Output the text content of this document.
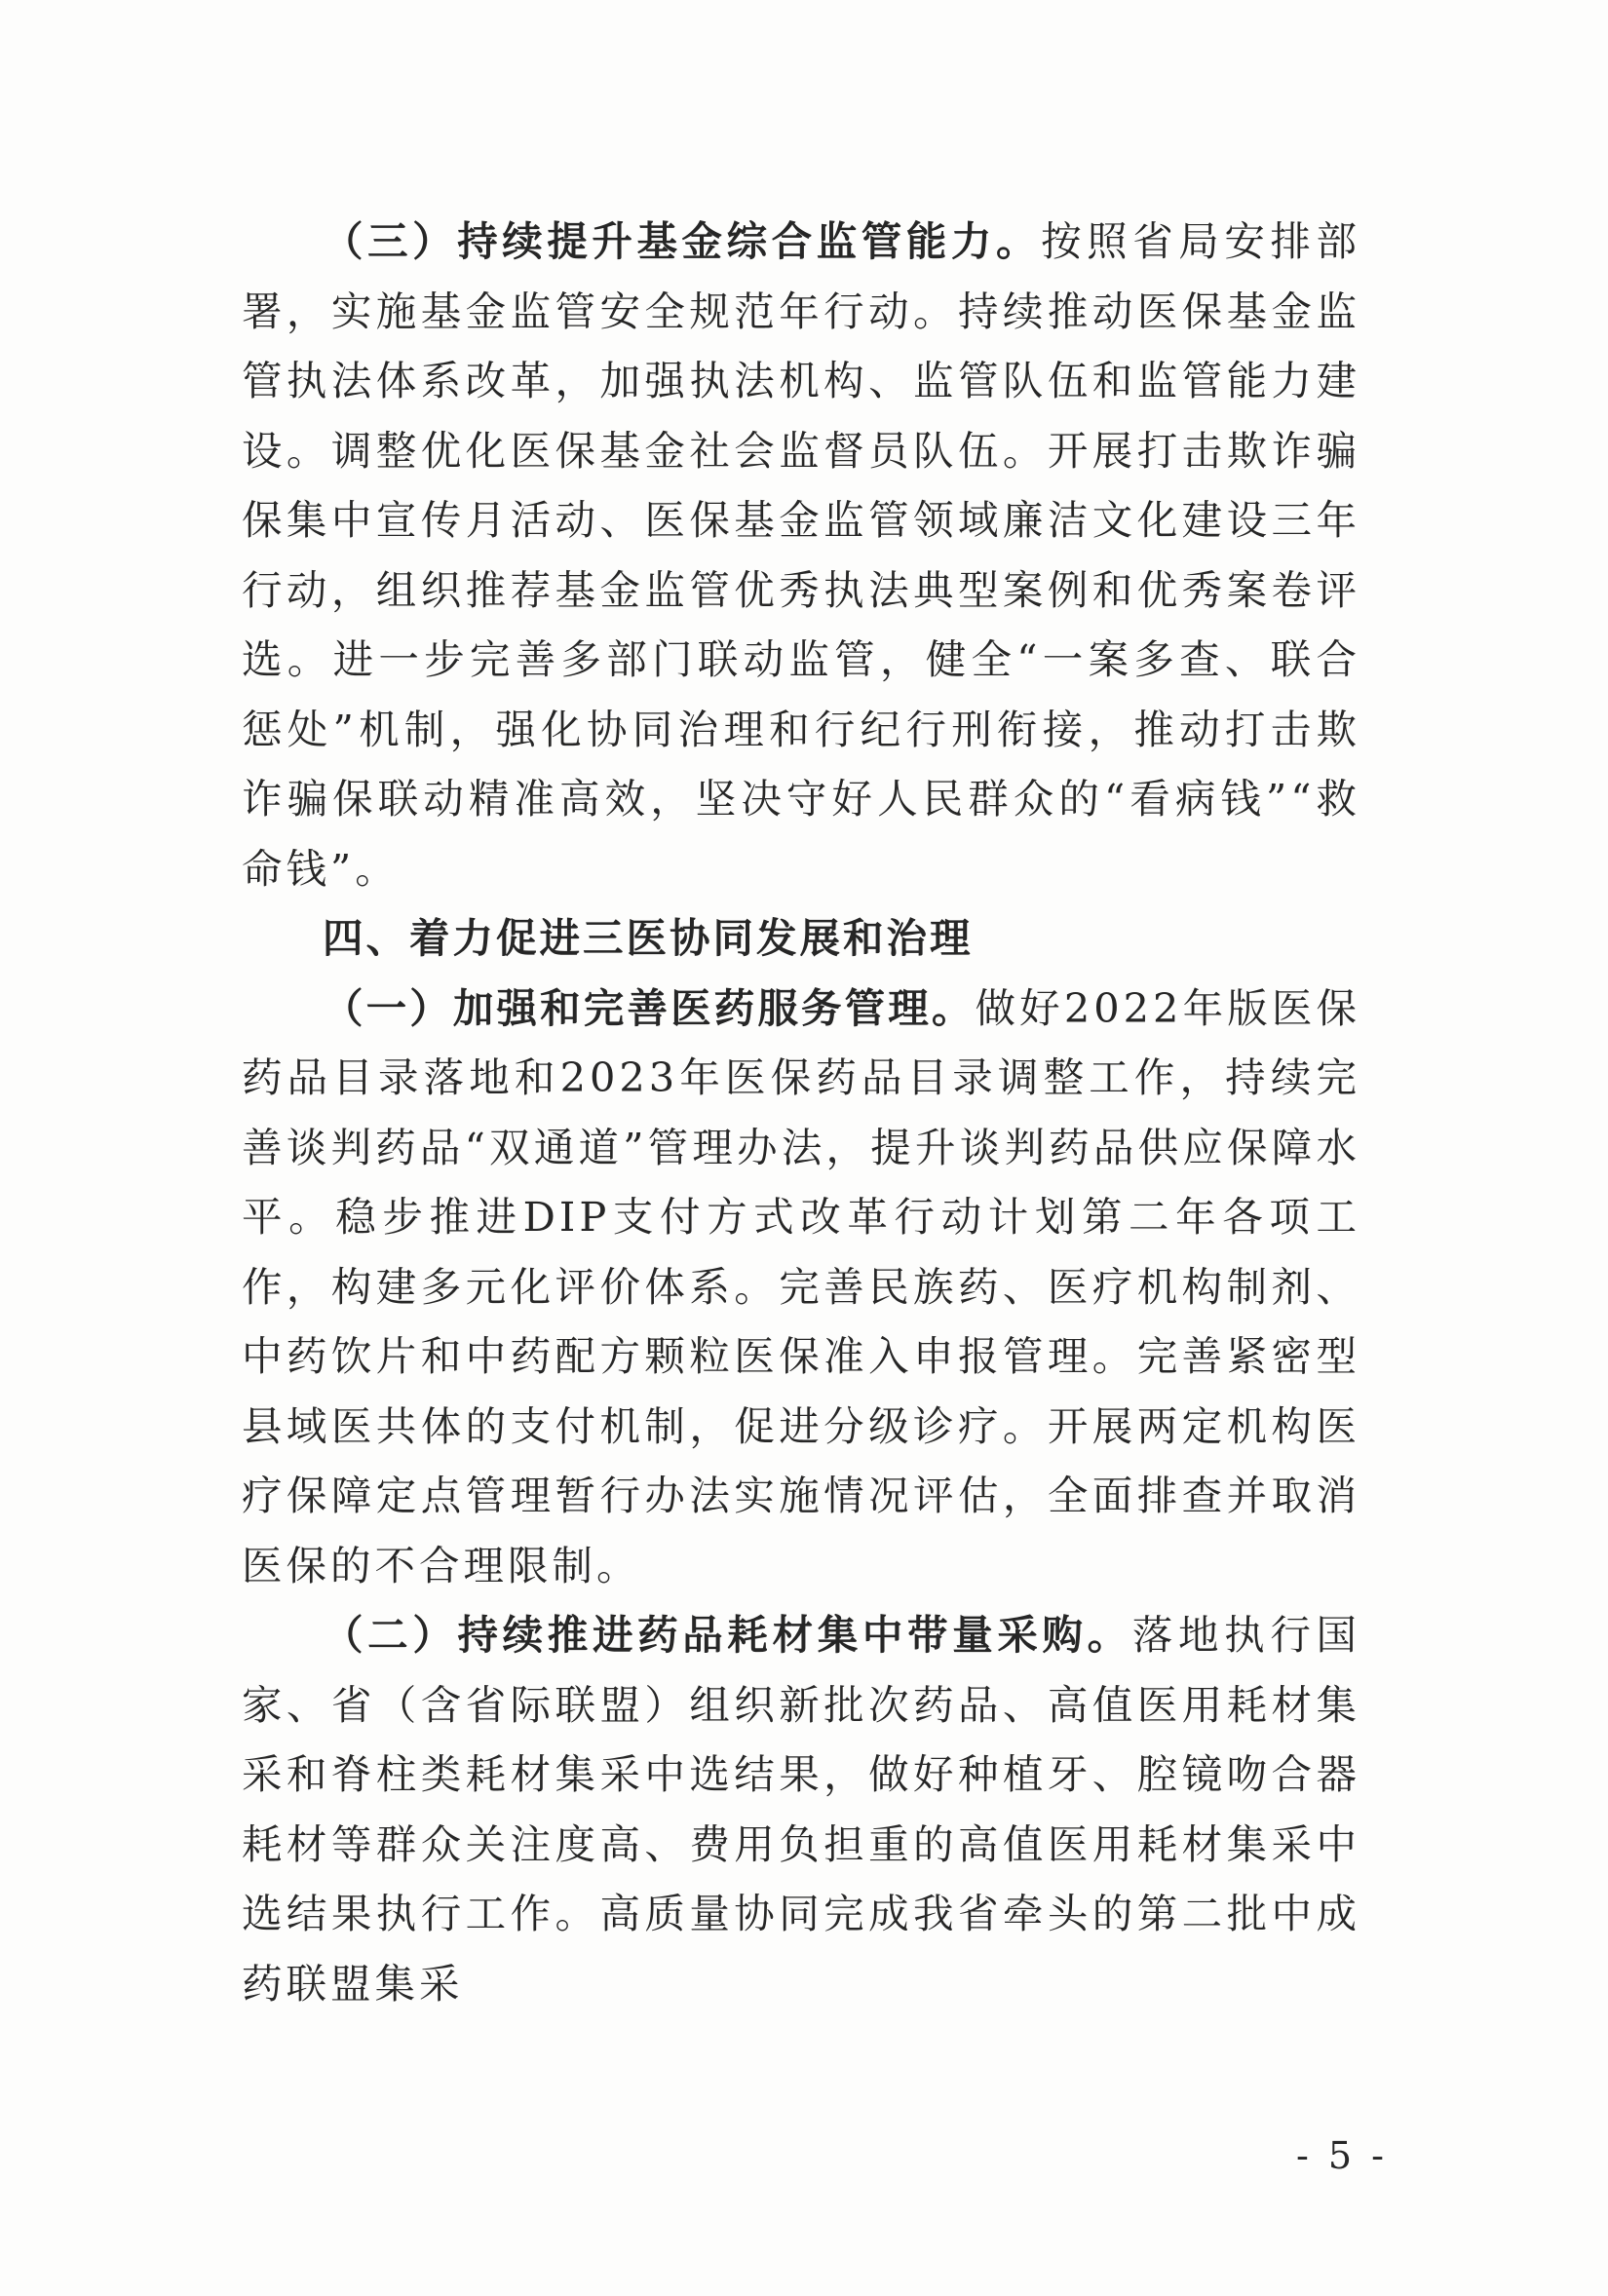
（三）持续提升基金综合监管能力。按照省局安排部署，实施基金监管安全规范年行动。持续推动医保基金监管执法体系改革，加强执法机构、监管队伍和监管能力建设。调整优化医保基金社会监督员队伍。开展打击欺诈骗保集中宣传月活动、医保基金监管领域廉洁文化建设三年行动，组织推荐基金监管优秀执法典型案例和优秀案卷评选。进一步完善多部门联动监管，健全“一案多查、联合惩处”机制，强化协同治理和行纪行刑衔接，推动打击欺诈骗保联动精准高效，坚决守好人民群众的“看病钱”“救命钱”。

四、着力促进三医协同发展和治理

（一）加强和完善医药服务管理。做好2022年版医保药品目录落地和2023年医保药品目录调整工作，持续完善谈判药品“双通道”管理办法，提升谈判药品供应保障水平。稳步推进DIP支付方式改革行动计划第二年各项工作，构建多元化评价体系。完善民族药、医疗机构制剂、中药饮片和中药配方颗粒医保准入申报管理。完善紧密型县域医共体的支付机制，促进分级诊疗。开展两定机构医疗保障定点管理暂行办法实施情况评估，全面排查并取消医保的不合理限制。

（二）持续推进药品耗材集中带量采购。落地执行国家、省（含省际联盟）组织新批次药品、高值医用耗材集采和脊柱类耗材集采中选结果，做好种植牙、腔镜吻合器耗材等群众关注度高、费用负担重的高值医用耗材集采中选结果执行工作。高质量协同完成我省牵头的第二批中成药联盟集采

- 5 -
